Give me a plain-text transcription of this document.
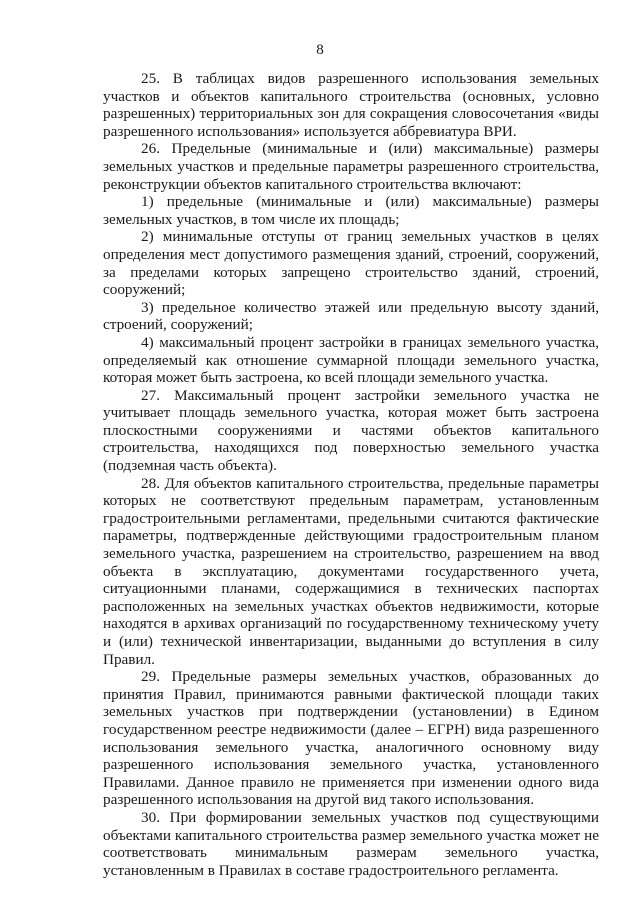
8

25. В таблицах видов разрешенного использования земельных участков и объектов капитального строительства (основных, условно разрешенных) территориальных зон для сокращения словосочетания «виды разрешенного использования» используется аббревиатура ВРИ.

26. Предельные (минимальные и (или) максимальные) размеры земельных участков и предельные параметры разрешенного строительства, реконструкции объектов капитального строительства включают:

1) предельные (минимальные и (или) максимальные) размеры земельных участков, в том числе их площадь;

2) минимальные отступы от границ земельных участков в целях определения мест допустимого размещения зданий, строений, сооружений, за пределами которых запрещено строительство зданий, строений, сооружений;

3) предельное количество этажей или предельную высоту зданий, строений, сооружений;

4) максимальный процент застройки в границах земельного участка, определяемый как отношение суммарной площади земельного участка, которая может быть застроена, ко всей площади земельного участка.

27. Максимальный процент застройки земельного участка не учитывает площадь земельного участка, которая может быть застроена плоскостными сооружениями и частями объектов капитального строительства, находящихся под поверхностью земельного участка (подземная часть объекта).

28. Для объектов капитального строительства, предельные параметры которых не соответствуют предельным параметрам, установленным градостроительными регламентами, предельными считаются фактические параметры, подтвержденные действующими градостроительным планом земельного участка, разрешением на строительство, разрешением на ввод объекта в эксплуатацию, документами государственного учета, ситуационными планами, содержащимися в технических паспортах расположенных на земельных участках объектов недвижимости, которые находятся в архивах организаций по государственному техническому учету и (или) технической инвентаризации, выданными до вступления в силу Правил.

29. Предельные размеры земельных участков, образованных до принятия Правил, принимаются равными фактической площади таких земельных участков при подтверждении (установлении) в Едином государственном реестре недвижимости (далее – ЕГРН) вида разрешенного использования земельного участка, аналогичного основному виду разрешенного использования земельного участка, установленного Правилами. Данное правило не применяется при изменении одного вида разрешенного использования на другой вид такого использования.

30. При формировании земельных участков под существующими объектами капитального строительства размер земельного участка может не соответствовать минимальным размерам земельного участка, установленным в Правилах в составе градостроительного регламента.
